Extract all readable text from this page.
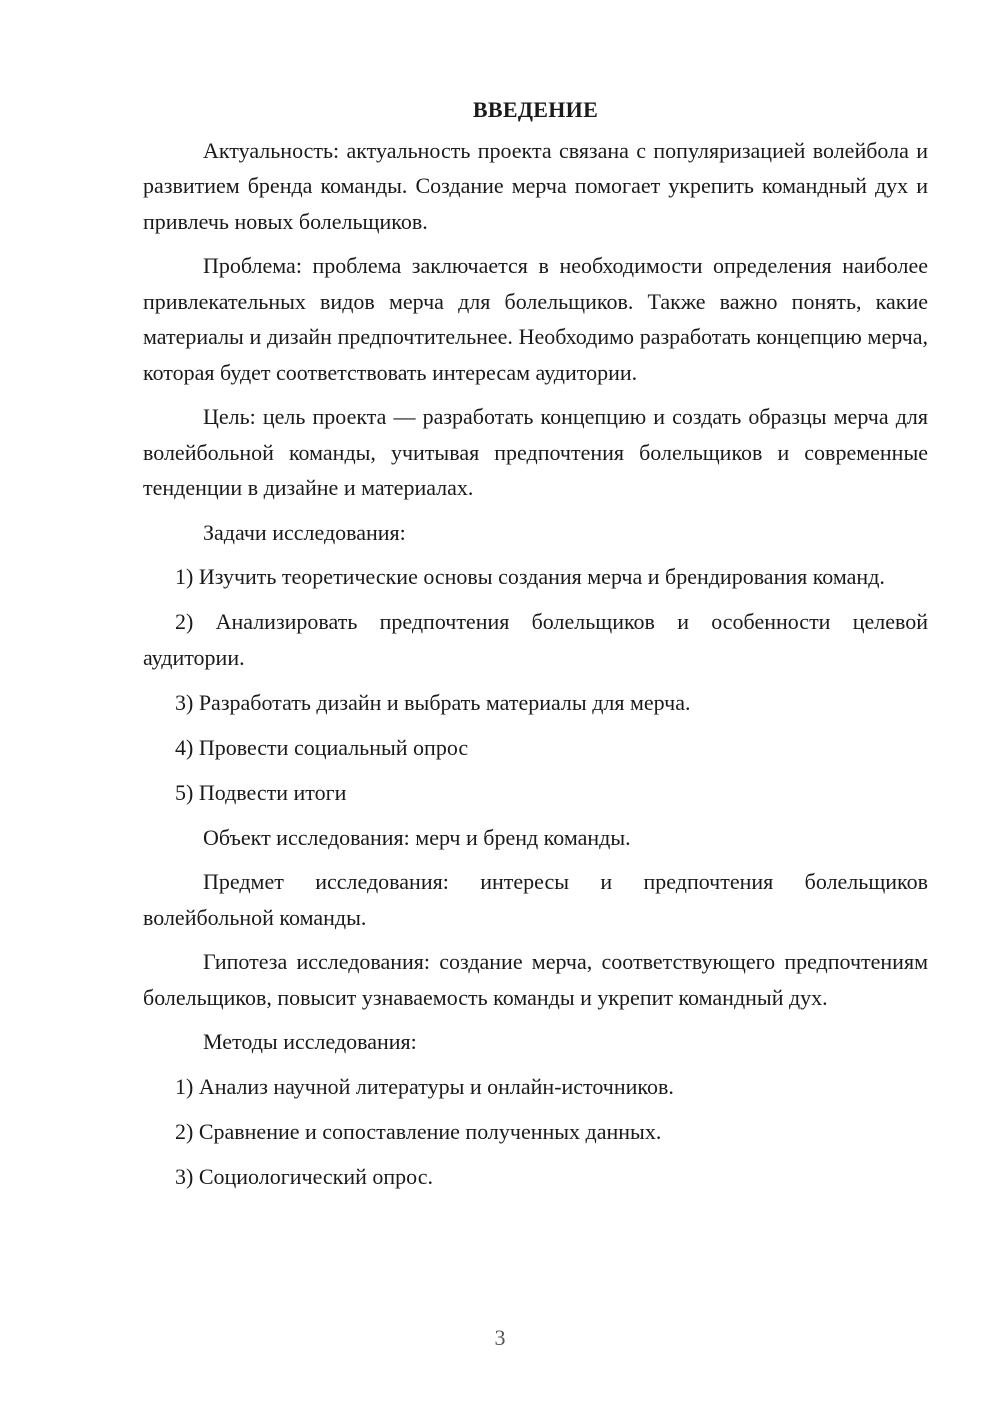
ВВЕДЕНИЕ

Актуальность: актуальность проекта связана с популяризацией волейбола и развитием бренда команды. Создание мерча помогает укрепить командный дух и привлечь новых болельщиков.

Проблема: проблема заключается в необходимости определения наиболее привлекательных видов мерча для болельщиков. Также важно понять, какие материалы и дизайн предпочтительнее. Необходимо разработать концепцию мерча, которая будет соответствовать интересам аудитории.

Цель: цель проекта — разработать концепцию и создать образцы мерча для волейбольной команды, учитывая предпочтения болельщиков и современные тенденции в дизайне и материалах.

Задачи исследования:

1) Изучить теоретические основы создания мерча и брендирования команд.

2) Анализировать предпочтения болельщиков и особенности целевой аудитории.

3) Разработать дизайн и выбрать материалы для мерча.

4) Провести социальный опрос

5) Подвести итоги

Объект исследования: мерч и бренд команды.

Предмет исследования: интересы и предпочтения болельщиков волейбольной команды.

Гипотеза исследования: создание мерча, соответствующего предпочтениям болельщиков, повысит узнаваемость команды и укрепит командный дух.

Методы исследования:

1) Анализ научной литературы и онлайн-источников.

2) Сравнение и сопоставление полученных данных.

3) Социологический опрос.

3
